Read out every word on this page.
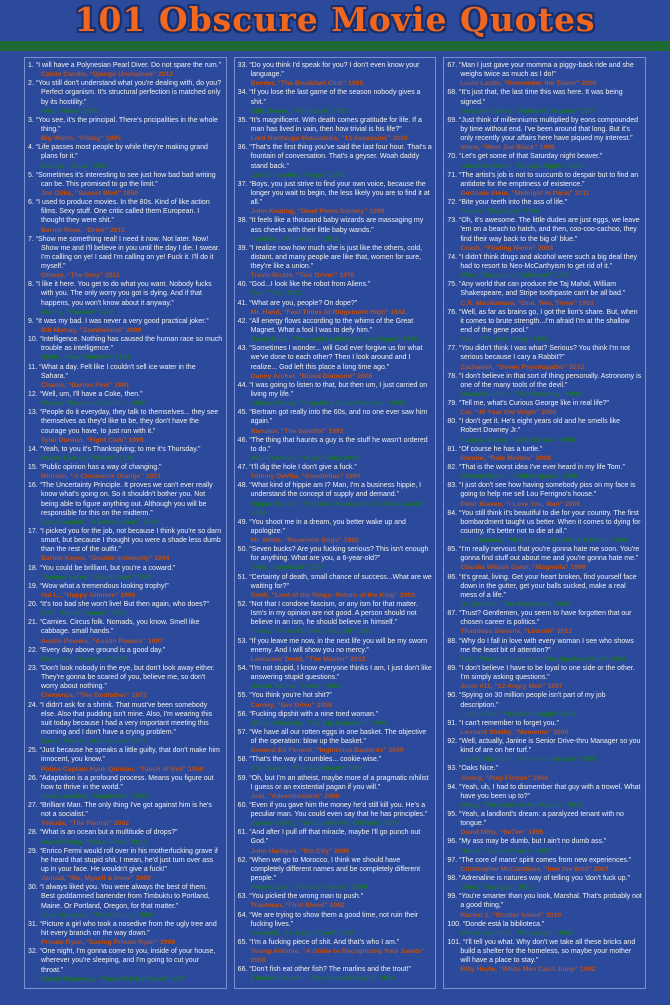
101 Obscure Movie Quotes

1. “I will have a Polynesian Pearl Diver. Do not spare the rum.”

Calvin Candie, “Django Unchained” 2012

2. “You still don't understand what you're dealing with, do you? Perfect organism. It's structural perfection is matched only by its hostility.”

Ash, “Alien” 1979

3. “You see, it's the principal. There's pricipalities in the whole thing.”

Big Worm, “Friday” 1995

4. “Life passes most people by while they're making grand plans for it.”

George, “Blow” 2001

5. “Sometimes it's interesting to see just how bad bad writing can be. This promised to go the limit.”

Joe Gillis, “Sunset Blvd” 1950

6. “I used to produce movies. In the 80s. Kind of like action films. Sexy stuff. One critic called them European. I thought they were shit.”

Bernie Rose, “Drive” 2011

7. “Show me something real! I need it now. Not later. Now! Show me and I'll believe in you until the day I die. I swear. I'm calling on ye! I said I'm calling on ye! Fuck it. I'll do it myself.”

Ottway, “The Grey” 2011

8. “I like it here. You get to do what you want. Nobody fucks with you. The only worry you got is dying. And if that happens, you won't know about it anyway.”

Bunny, “Platoon” 1986

9. “It was my bad. I was never a very good practical joker.”

Bill Murray, “Zombieland” 2009

10. “Intelligence. Nothing has caused the human race so much trouble as intelligence.”

Stella, “Rear Window” 1954

11. “What a day. Felt like I couldn't sell ice water in the Sahara.”

Charlie, “Barton Fink” 1991

12. “Well, um, I'll have a Coke, then.”

Rocco, “Boondock Saints” 1999

13. “People do it everyday, they talk to themselves... they see themselves as they'd like to be, they don't have the courage you have, to just run with it.”

Tyler Durden, “Fight Club” 1999

14. “Yeah, to you it's Thanksgiving; to me it's Thursday.”

Rocky Balboa, “Rocky” 1976

15. “Public opinion has a way of changing.”

Minister, “A Clockwork Orange” 1971

16. “The Uncertainty Principle. It proves we can't ever really know what's going on. So it shouldn't bother you. Not being able to figure anything out. Although you will be responsible for this on the midterm.”

Larry Gopnik, “A Serious Man” 2009

17. “I picked you for the job, not because I think you're so darn smart, but because I thought you were a shade less dumb than the rest of the outfit.”

Barton Keyes, “Double Indemnity” 1944

18. “You could be brilliant, but you're a coward.”

Thomas Leroy, “Black Swan” 2010

19. “Wow what a tremendous looking trophy!”

Hal L., “Happy Gilmore” 1996

20. “It's too bad she won't live! But then again, who does?”

Gaff, “Blade Runner” 1982

21. “Carnies. Circus folk. Nomads, you know. Smell like cabbage. small hands.”

Austin Powers, “Austin Powers” 1997

22. “Every day above ground is a good day.”

Bernstein, “Scarface” 1983

23. “Don't look nobody in the eye, but don't look away either. They're gonna be scared of you, believe me, so don't worry about nothing.”

Clemenza, “The Godfather” 1972

24. “I didn't ask for a shrink. That must've been somebody else. Also that pudding isn't mine. Also, I'm wearing this suit today because I had a very important meeting this morning and I don't have a crying problem.”

Barry, “Punch-Drunk Love” 2002

25. “Just because he speaks a little guilty, that don't make him innocent, you know.”

Police Captain Hank Quinlan, “Touch of Evil” 1958

26. “Adaptation is a profound process. Means you figure out how to thrive in the world.”

John Laroche, “Adaptation” 2002

27. “Brilliant Man. The only thing I've got against him is he's not a socialist.”

Yehuda, “The Pianist” 2002

28. “What is an ocean but a multitude of drops?”

Adam Ewing, “Cloud Atlas” 2012

29. “Enrico Fermi would roll over in his motherfucking grave if he heard that stupid shit. I mean, he'd just turn over ass up in your face. He wouldn't give a fuck!”

Jamaal, “Me, Myself & Irene” 2000

30. “I always liked you. You were always the best of them. Best goddamned bartender from Timbuktu to Portland, Maine. Or Portland, Oregon, for that matter.”

Jack Torrance, “The Shining” 1980

31. “Picture a girl who took a nosedive from the ugly tree and hit every branch on the way down.”

Private Ryan, “Saving Private Ryan” 1998

32. “One night, I'm gonna come to you, inside of your house, wherever you're sleeping, and I'm going to cut your throat.”

Daniel Plainview, “There Will Be Blood” 2007

33. “Do you think I'd speak for you? I don't even know your language.”

Bender, “The Breakfast Club” 1985

34. “If you lose the last game of the season nobody gives a shit.”

Billy Beane, “Moneyball” 2011

35. “It's magnificent. With death comes gratitude for life. If a man has lived in vain, then how trivial is his life?”

Lord Naritsugu Matsudaira, “13 Assassins” 2010

36. “That's the first thing you've said the last four hour. That's a fountain of conversation. That's a geyser. Woah daddy stand back.”

Carl Showalter, “Fargo” 1996

37. “Boys, you just strive to find your own voice, because the longer you wait to begin, the less likely you are to find it at all.”

John Keating, “Dead Poets Society” 1989

38. “It feels like a thousand baby wizards are massaging my ass cheeks with their little baby wands.”

Franklin, “The Watch” 2012

39. “I realize now how much she is just like the others, cold, distant, and many people are like that, women for sure, they're like a union.”

Travis Bickle, “Taxi Driver” 1976

40. “God...I look like the robot from Aliens.”

Ted, “Ted” 2012

41. “What are you, people? On dope?”

Mr. Hand, “Fast Times At Ridgemont High” 1982

42. “All energy flows according to the whims of the Great Magnet. What a fool I was to defy him.”

Raoul Duke, “Fear and Loathing In Las Vegas” 1998

43. “Sometimes I wonder... will God ever forgive us for what we've done to each other? Then I look around and I realize... God left this place a long time ago.”

Danny Archer, “Blood Diamond” 2006

44. “I was going to listen to that, but then um, I just carried on living my life.”

Aldous Snow, “Forgetting Sarah Marshall” 2008

45. “Bertram got really into the 60s, and no one ever saw him again.”

Narrator, “The Sandlot” 1993

46. “The thing that haunts a guy is the stuff he wasn't ordered to do.”

Walt Kowalski, “Gran Torino 2008

47. “I'll dig the hole I don't give a fuck.”

Tommy DeVito, “Goodfellas” 1990

48. “What kind of hippie am I? Man, I'm a business hippie, I understand the concept of supply and demand.”

Hippie Student, “Harold & Kumar Go To White Castle” 2004

49. “You shoot me in a dream, you better wake up and apologize.”

Mr. White, “Reservoir Dogs” 1992

50. “Seven bucks? Are you fucking serious? This isn't enough for anything. What are you, a 6-year-old?”

Seth, “Superbad” 2007

51. “Certainty of death, small chance of success...What are we waiting for?”

Gimli, “Lord of the Rings: Return of the King” 2003

52. “Not that I condone fascism, or any ism for that matter. Ism's in my opinion are not good. A person should not believe in an ism, he should believe in himself.”

Ferris, “Ferris Bueller's Day Off” 1986

53. “If you leave me now, in the next life you will be my sworn enemy. And I will show you no mercy.”

Lancaster Dodd, “The Master” 2012

54. “I'm not stupid, I know everyone thinks I am, I just don't like answering stupid questions.”

Hector Zeroni, “Holes” 2003

55. “You think you're hot shit?”

Carney, “Sex Drive” 2008

56. “Fucking dipshit with a nine toed woman.”

Walter Sobchak, “The Big Lebowski” 1998

57. “We have all our rotten eggs in one basket. The objective of the operation: blow up the basket.”

General Ed Fenech, “Inglorious Basterds” 2009

58. “That's the way it crumbles... cookie-wise.”

C.C. Baxter, “The Apartment” 1960

59. “Oh, but I'm an atheist, maybe more of a pragmatic nihilist I guess or an existential pagan if you will.”

Joel, “Adventureland” 2009

60. “Even if you gave him the money he'd still kill you. He's a peculiar man. You could even say that he has principles.”

Carson Wells, “No Country For Old Men” 2007

61. “And after I pull off that miracle, maybe I'll go punch out God.”

John Hartigan, “Sin City” 2005

62. “When we go to Morocco, I think we should have completely different names and be completely different people.”

Penny Lane, “Almost Famous” 2000

63. “You picked the wrong man to push.”

Trautman, “First Blood” 1982

64. “We are trying to show them a good time, not ruin their fucking lives.”

Schmidt, “21 Jump Street” 2012

65. “I'm a fucking piece of shit. And that's who I am.”

Young Antonio, “A Guide to Recognizing Your Saints” 2006

66. “Don't fish eat other fish? The marlins and the trout!”

Eduardo Saverin, “The Social Network” 2010

67. “Man I just gave your momma a piggy-back ride and she weighs twice as much as I do!”

Louie Lastik, “Remember the Titans” 2000

68. “It's just that, the last time this was here. It was being signed.”

Benjamin Gates, “National Treasure” 2004

69. “Just think of millenniums multiplied by eons compounded by time without end. I've been around that long. But it's only recently your affairs here have piqued my interest.”

Voice, “Meet Joe Black” 1998

70. “Let's get some of that Saturday night beaver.”

Chest Rockwell, “Boogie Nights” 1997

71. “The artist's job is not to succumb to despair but to find an antidote for the emptiness of existence.”

Gertrude Stein, “Midnight In Paris” 2011

72. “Bite your teeth into the ass of life.”

Pascal, “Big Night” 1996

73. “Oh, it's awesome. The little dudes are just eggs, we leave 'em on a beach to hatch, and then, coo-coo-cachoo, they find their way back to the big ol' blue.”

Crush, “Finding Nemo” 2003

74. “I didn't think drugs and alcohol were such a big deal they had to resort to Neo-McCarthyism to get rid of it.”

Mike, “Dazed and Confused” 1993

75. “Any world that can produce the Taj Mahal, William Shakespeare, and Stripe toothpaste can't be all bad.”

C.R. MacNamara, “One, Two, Three” 1961

76. “Well, as far as brains go, I got the lion's share. But, when it comes to brute strength...I'm afraid I'm at the shallow end of the gene pool.”

Scar, “The Lion King” 1994

77. “You didn't think I was what? Serious? You think I'm not serious because I cary a Rabbit?”

Zachariah, “Seven Psychopaths” 2012

78. “I don't believe in that sort of thing personally. Astronomy is one of the many tools of the devil.”

Mama Boucher, “The Waterboy” 1998

79. “Tell me, what's Curious George like in real life?”

Cal, “40 Year Old Virgin” 2005

80. “I don't get it. He's eight years old and he smells like Robert Downey Jr.”

Surgery Nurse, “BASEketball” 1998

81. “Of course he has a turtle.”

Ronnie, “Role Models” 2008

82. “That is the worst idea I've ever heard in my life Tom.”

Michael Bolton, “Office Space” 1999

83. “I just don't see how having somebody piss on my face is going to help me sell Lou Ferrigno's house.”

Peter Klaven, “I Love You, Man” 2009

84. “You still think it's beautiful to die for your country. The first bombardment taught us better. When it comes to dying for country, it's better not to die at all.”

Paul Baumer, “All Quiet on the Western Front” 1930

85. “I'm really nervous that you're gonna hate me soon. You're gonna find stuff out about me and you're gonna hate me.”

Claudia Wilson Gator, “Magnolia” 1999

86. “It's great, living. Get your heart broken, find yourself face down in the gutter, get your balls sucked, make a real mess of a life.”

Dr. Squires, “The Wackness” 2008

87. “Trust? Gentlemen, you seem to have forgotten that our chosen career is politics.”

Thaddeus Stevens, “Lincoln” 2012

88. “Why do I fall in love with every woman I see who shows me the least bit of attention?”

Joel, “Eternal Sunshine of the Spotless Mind” 2004

89. “I don't believe I have to be loyal to one side or the other. I'm simply asking questions.”

Juror #11, “12 Angry Men” 1957

90. “Spying on 30 million people isn't part of my job description.”

Lucius Fox, “The Dark Knight” 2008

91. “I can't remember to forget you.”

Leonard Shelby, “Memento” 2000

92. “Well, actually, Janine is Senior Drive-thru Manager so you kind of are on her turf.”

Lester Burnham, “American Beauty” 1999

93. “Oaks Nice.”

Jimmy, “Pulp Fiction” 1994

94. “Yeah, uh, I had to dismember that guy with a trowel. What have you been up to?”

Marty, “The Cabin In the Woods” 2011

95. “Yeah, a landlord's dream: a paralyzed tenant with no tongue.”

David Mills, “Se7en” 1995

96. “My ass may be dumb, but I ain't no dumb ass.”

Ordell, “Jackie Brown” 1997

97. “The core of mans' spirit comes from new experiences.”

Christopher McCandless, “Into the Wild” 2007

98. “Adrenaline is natures way of telling you 'don't fuck up.”

Chon, “Savages” 2012

99. “You're smarter than you look, Marshal. That's probably not a good thing,”

Rachel 2, “Shutter Island” 2010

100. “Donde está la biblioteca.”

White Goodman, “Dodgeball” 2004

101. “I'll tell you what. Why don't we take all these bricks and build a shelter for the homeless, so maybe your mother will have a place to stay.”

Billy Hoyle, “White Men Can't Jump” 1992
